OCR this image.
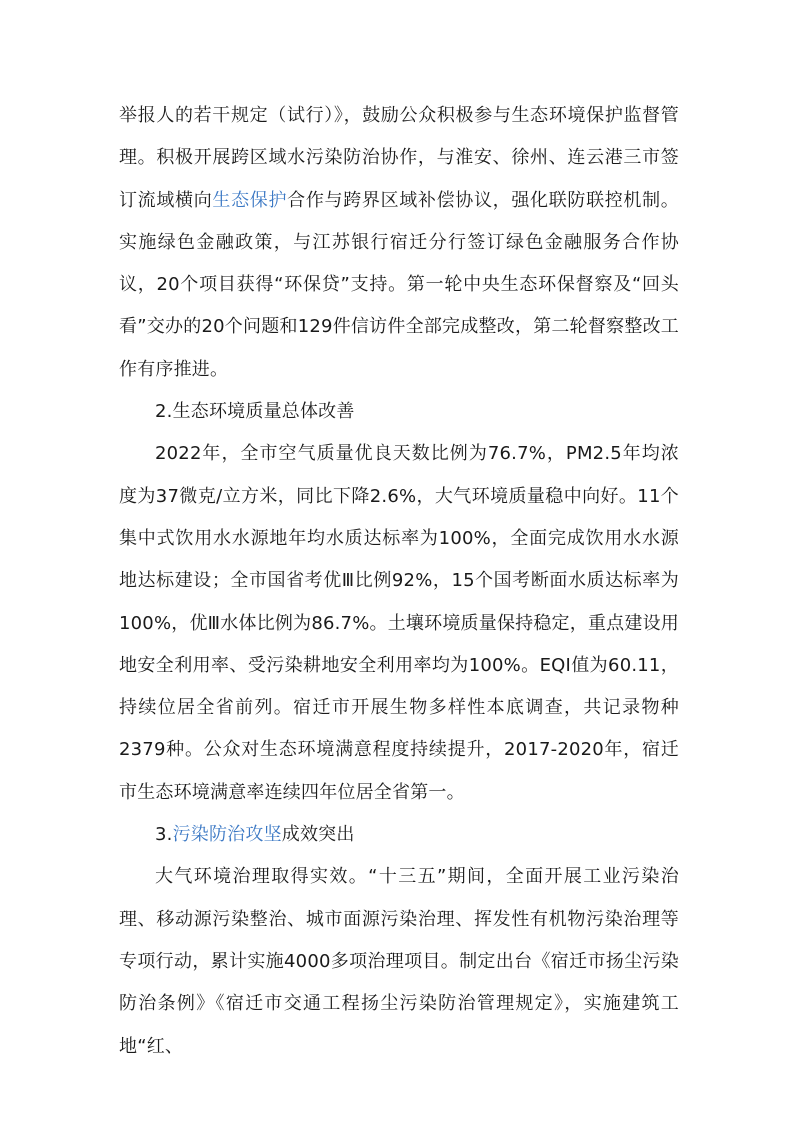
举报人的若干规定（试行）》，鼓励公众积极参与生态环境保护监督管理。积极开展跨区域水污染防治协作，与淮安、徐州、连云港三市签订流域横向生态保护合作与跨界区域补偿协议，强化联防联控机制。实施绿色金融政策，与江苏银行宿迁分行签订绿色金融服务合作协议，20个项目获得“环保贷”支持。第一轮中央生态环保督察及“回头看”交办的20个问题和129件信访件全部完成整改，第二轮督察整改工作有序推进。

2.生态环境质量总体改善

2022年，全市空气质量优良天数比例为76.7%，PM2.5年均浓度为37微克/立方米，同比下降2.6%，大气环境质量稳中向好。11个集中式饮用水水源地年均水质达标率为100%，全面完成饮用水水源地达标建设；全市国省考优Ⅲ比例92%，15个国考断面水质达标率为100%，优Ⅲ水体比例为86.7%。土壤环境质量保持稳定，重点建设用地安全利用率、受污染耕地安全利用率均为100%。EQI值为60.11，持续位居全省前列。宿迁市开展生物多样性本底调查，共记录物种2379种。公众对生态环境满意程度持续提升，2017-2020年，宿迁市生态环境满意率连续四年位居全省第一。

3.污染防治攻坚成效突出

大气环境治理取得实效。“十三五”期间，全面开展工业污染治理、移动源污染整治、城市面源污染治理、挥发性有机物污染治理等专项行动，累计实施4000多项治理项目。制定出台《宿迁市扬尘污染防治条例》《宿迁市交通工程扬尘污染防治管理规定》，实施建筑工地“红、
